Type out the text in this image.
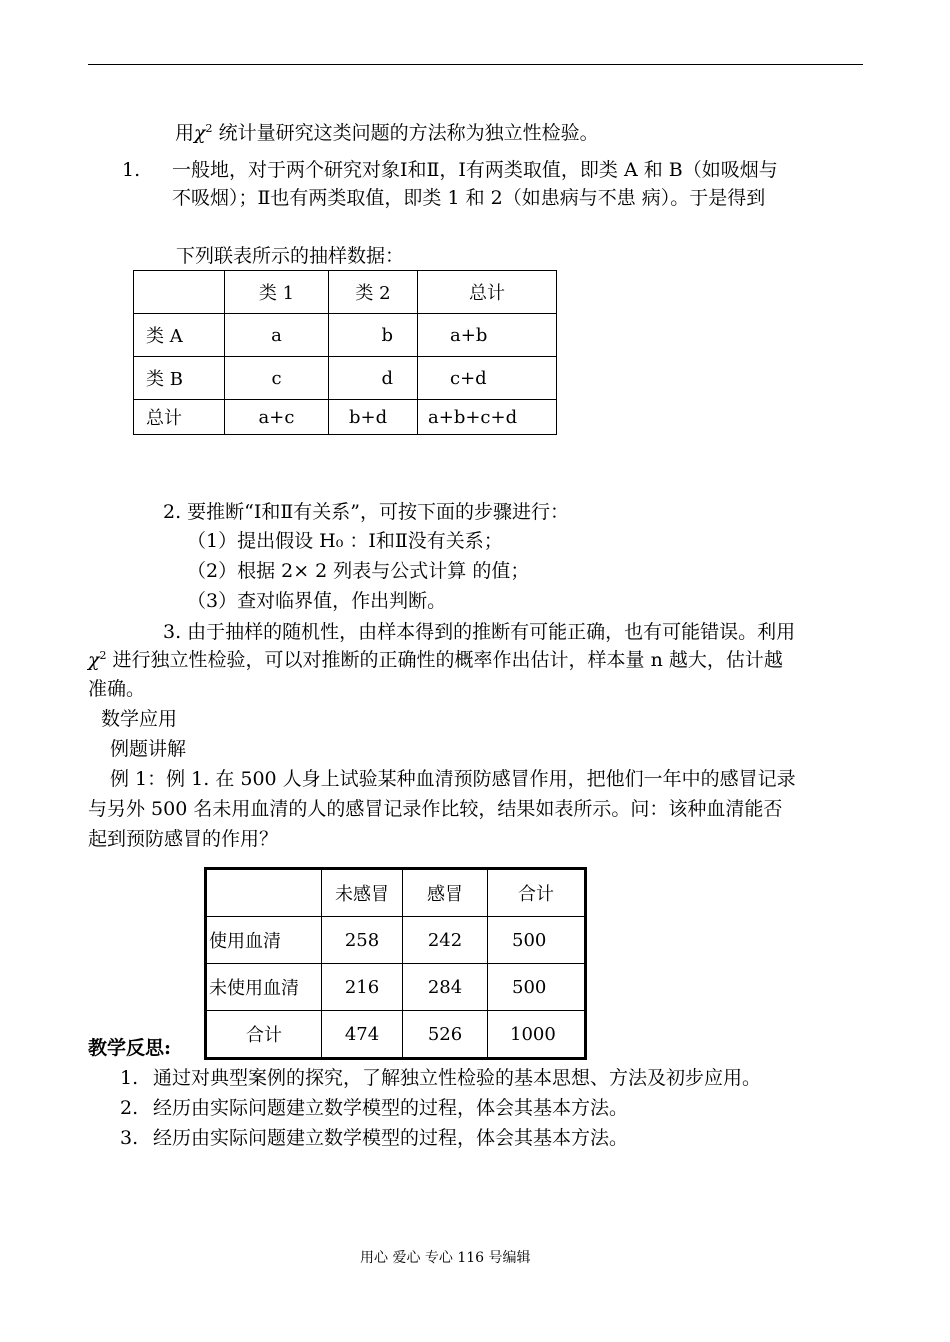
用$\chi^2$ 统计量研究这类问题的方法称为独立性检验。
1. 一般地，对于两个研究对象Ⅰ和Ⅱ，Ⅰ有两类取值，即类 A 和 B（如吸烟与
不吸烟）；Ⅱ也有两类取值，即类 1 和 2（如患病与不患 病）。于是得到
下列联表所示的抽样数据：
	类 1	类 2	总计
类 A	a	b	a+b
类 B	c	d	c+d
总计	a+c	b+d	a+b+c+d
2. 要推断“Ⅰ和Ⅱ有关系”，可按下面的步骤进行：
（1）提出假设 H₀ ：Ⅰ和Ⅱ没有关系；
（2）根据 2× 2 列表与公式计算 的值；
（3）查对临界值，作出判断。
3. 由于抽样的随机性，由样本得到的推断有可能正确，也有可能错误。利用
$\chi^2$ 进行独立性检验，可以对推断的正确性的概率作出估计，样本量 n 越大，估计越
准确。
数学应用
例题讲解
例 1：例 1. 在 500 人身上试验某种血清预防感冒作用，把他们一年中的感冒记录
与另外 500 名未用血清的人的感冒记录作比较，结果如表所示。问：该种血清能否
起到预防感冒的作用？
	未感冒	感冒	合计
使用血清	258	242	500
未使用血清	216	284	500
合计	474	526	1000
教学反思:
1. 通过对典型案例的探究，了解独立性检验的基本思想、方法及初步应用。
2. 经历由实际问题建立数学模型的过程，体会其基本方法。
3. 经历由实际问题建立数学模型的过程，体会其基本方法。
用心 爱心 专心 116 号编辑
